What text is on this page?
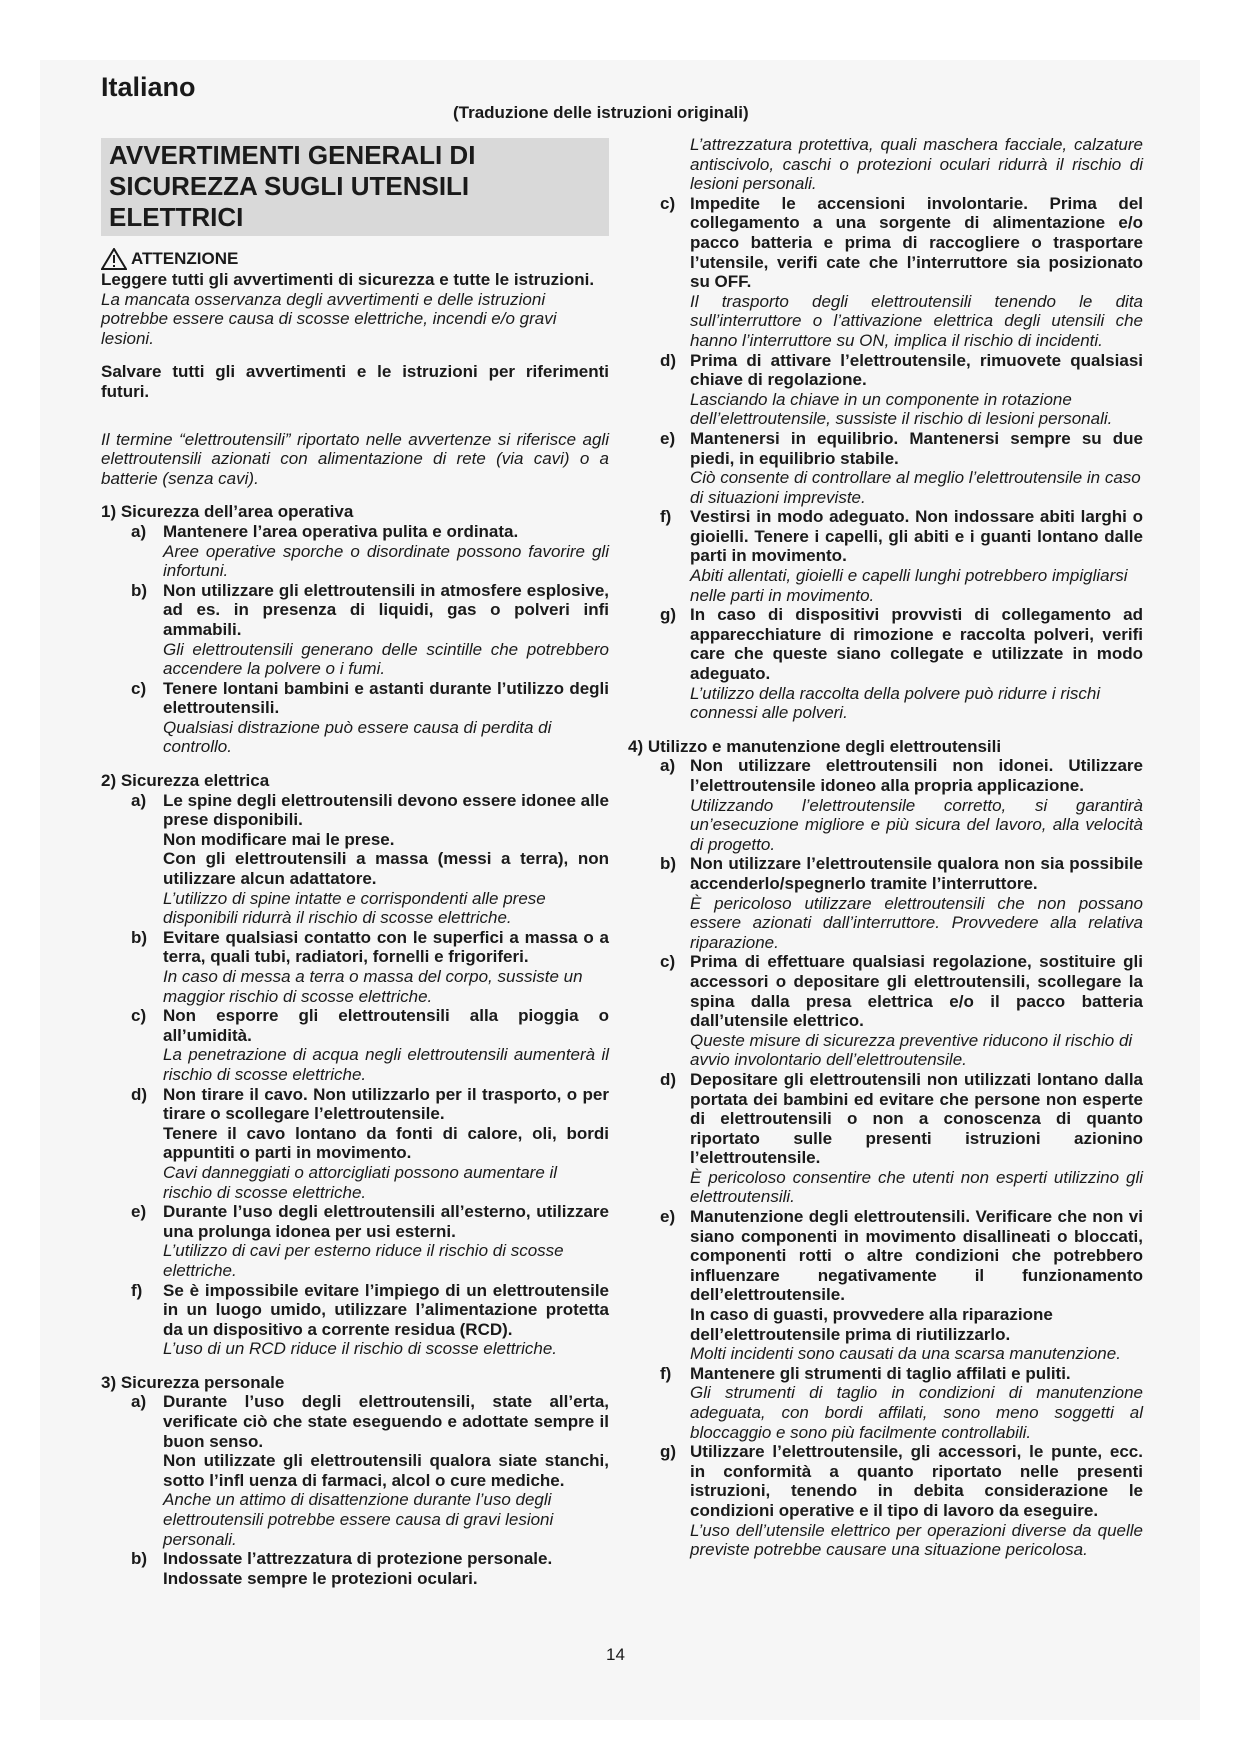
Italiano
(Traduzione delle istruzioni originali)
AVVERTIMENTI GENERALI DI
SICUREZZA SUGLI UTENSILI
ELETTRICI
ATTENZIONE

Leggere tutti gli avvertimenti di sicurezza e tutte le istruzioni.

La mancata osservanza degli avvertimenti e delle istruzioni potrebbe essere causa di scosse elettriche, incendi e/o gravi lesioni.

Salvare tutti gli avvertimenti e le istruzioni per riferimenti futuri.

Il termine “elettroutensili” riportato nelle avvertenze si riferisce agli elettroutensili azionati con alimentazione di rete (via cavi) o a batterie (senza cavi).

1) Sicurezza dell’area operativa

a) Mantenere l’area operativa pulita e ordinata.

Aree operative sporche o disordinate possono favorire gli infortuni.

b) Non utilizzare gli elettroutensili in atmosfere esplosive, ad es. in presenza di liquidi, gas o polveri infi ammabili.

Gli elettroutensili generano delle scintille che potrebbero accendere la polvere o i fumi.

c) Tenere lontani bambini e astanti durante l’utilizzo degli elettroutensili.

Qualsiasi distrazione può essere causa di perdita di controllo.

2) Sicurezza elettrica

a) Le spine degli elettroutensili devono essere idonee alle prese disponibili.

Non modificare mai le prese.

Con gli elettroutensili a massa (messi a terra), non utilizzare alcun adattatore.

L’utilizzo di spine intatte e corrispondenti alle prese disponibili ridurrà il rischio di scosse elettriche.

b) Evitare qualsiasi contatto con le superfici a massa o a terra, quali tubi, radiatori, fornelli e frigoriferi.

In caso di messa a terra o massa del corpo, sussiste un maggior rischio di scosse elettriche.

c) Non esporre gli elettroutensili alla pioggia o all’umidità.

La penetrazione di acqua negli elettroutensili aumenterà il rischio di scosse elettriche.

d) Non tirare il cavo. Non utilizzarlo per il trasporto, o per tirare o scollegare l’elettroutensile.

Tenere il cavo lontano da fonti di calore, oli, bordi appuntiti o parti in movimento.

Cavi danneggiati o attorcigliati possono aumentare il rischio di scosse elettriche.

e) Durante l’uso degli elettroutensili all’esterno, utilizzare una prolunga idonea per usi esterni.

L’utilizzo di cavi per esterno riduce il rischio di scosse elettriche.

f)	Se è impossibile evitare l’impiego di un elettroutensile in un luogo umido, utilizzare l’alimentazione protetta da un dispositivo a corrente residua (RCD).

L’uso di un RCD riduce il rischio di scosse elettriche.

3) Sicurezza personale

a) Durante l’uso degli elettroutensili, state all’erta, verificate ciò che state eseguendo e adottate sempre il buon senso.

Non utilizzate gli elettroutensili qualora siate stanchi, sotto l’infl uenza di farmaci, alcol o cure mediche.

Anche un attimo di disattenzione durante l’uso degli elettroutensili potrebbe essere causa di gravi lesioni personali.

b) Indossate l’attrezzatura di protezione personale. Indossate sempre le protezioni oculari.

L’attrezzatura protettiva, quali maschera facciale, calzature antiscivolo, caschi o protezioni oculari ridurrà il rischio di lesioni personali.

c) Impedite le accensioni involontarie. Prima del collegamento a una sorgente di alimentazione e/o pacco batteria e prima di raccogliere o trasportare l’utensile, verifi cate che l’interruttore sia posizionato su OFF.

Il trasporto degli elettroutensili tenendo le dita sull’interruttore o l’attivazione elettrica degli utensili che hanno l’interruttore su ON, implica il rischio di incidenti.

d) Prima di attivare l’elettroutensile, rimuovete qualsiasi chiave di regolazione.

Lasciando la chiave in un componente in rotazione dell’elettroutensile, sussiste il rischio di lesioni personali.

e) Mantenersi in equilibrio. Mantenersi sempre su due piedi, in equilibrio stabile.

Ciò consente di controllare al meglio l’elettroutensile in caso di situazioni impreviste.

f)	Vestirsi in modo adeguato. Non indossare abiti larghi o gioielli. Tenere i capelli, gli abiti e i guanti lontano dalle parti in movimento.

Abiti allentati, gioielli e capelli lunghi potrebbero impigliarsi nelle parti in movimento.

g) In caso di dispositivi provvisti di collegamento ad apparecchiature di rimozione e raccolta polveri, verifi care che queste siano collegate e utilizzate in modo adeguato.

L’utilizzo della raccolta della polvere può ridurre i rischi connessi alle polveri.

4) Utilizzo e manutenzione degli elettroutensili

a) Non utilizzare elettroutensili non idonei. Utilizzare l’elettroutensile idoneo alla propria applicazione.

Utilizzando l’elettroutensile corretto, si garantirà un’esecuzione migliore e più sicura del lavoro, alla velocità di progetto.

b) Non utilizzare l’elettroutensile qualora non sia possibile accenderlo/spegnerlo tramite l’interruttore.

È pericoloso utilizzare elettroutensili che non possano essere azionati dall’interruttore. Provvedere alla relativa riparazione.

c) Prima di effettuare qualsiasi regolazione, sostituire gli accessori o depositare gli elettroutensili, scollegare la spina dalla presa elettrica e/o il pacco batteria dall’utensile elettrico.

Queste misure di sicurezza preventive riducono il rischio di avvio involontario dell’elettroutensile.

d) Depositare gli elettroutensili non utilizzati lontano dalla portata dei bambini ed evitare che persone non esperte di elettroutensili o non a conoscenza di quanto riportato sulle presenti istruzioni azionino l’elettroutensile.

È pericoloso consentire che utenti non esperti utilizzino gli elettroutensili.

e) Manutenzione degli elettroutensili. Verificare che non vi siano componenti in movimento disallineati o bloccati, componenti rotti o altre condizioni che potrebbero influenzare negativamente il funzionamento dell’elettroutensile.

In caso di guasti, provvedere alla riparazione dell’elettroutensile prima di riutilizzarlo.

Molti incidenti sono causati da una scarsa manutenzione.

f)	Mantenere gli strumenti di taglio affilati e puliti.

Gli strumenti di taglio in condizioni di manutenzione adeguata, con bordi affilati, sono meno soggetti al bloccaggio e sono più facilmente controllabili.

g) Utilizzare l’elettroutensile, gli accessori, le punte, ecc. in conformità a quanto riportato nelle presenti istruzioni, tenendo in debita considerazione le condizioni operative e il tipo di lavoro da eseguire.

L’uso dell’utensile elettrico per operazioni diverse da quelle previste potrebbe causare una situazione pericolosa.

14
